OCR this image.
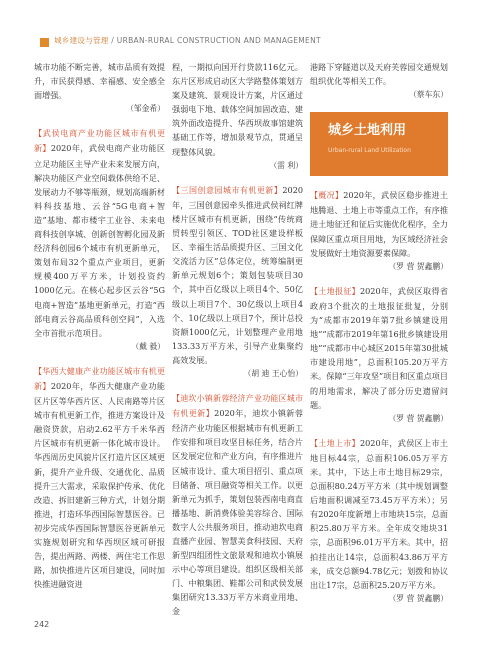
城乡建设与管理 / URBAN-RURAL CONSTRUCTION AND MANAGEMENT

城市功能不断完善，城市品质有效提升，市民获得感、幸福感、安全感全面增强。

（邹金希）

【武侯电商产业功能区城市有机更新】2020年，武侯电商产业功能区立足功能区主导产业未来发展方向，解决功能区产业空间载体供给不足、发展动力不够等瓶颈，规划高端新材料科技基地、云谷“5G电商+智造”基地、都市楼宇工业谷、未来电商科技创享城、创新创智孵化园及新经济科创园6个城市有机更新单元，策划布局32个重点产业项目，更新规模400万平方米，计划投资约1000亿元。在核心起步区云谷“5G电商+智造”基地更新单元，打造“西部电商云谷高品质科创空间”，入选全市首批示范项目。

（戴 毅）

【华西大健康产业功能区城市有机更新】2020年，华西大健康产业功能区片区等华西片区、人民南路等片区城市有机更新工作，推进方案设计及融资贷款，启动2.62平方千米华西片区城市有机更新一体化城市设计。华西周历史风貌片区打造片区区域更新，提升产业升级、交通优化、品质提升三大需求，采取保护传承、优化改造、拆旧建新三种方式，计划分期推进，打造环华西国际智慧医谷。已初步完成华西国际智慧医谷更新单元实施规划研究和华西坝区域可研报告，提出两路、两楼、两住宅工作思路，加快推进片区项目建设，同时加快推进融资进

程，一期拟向国开行贷款116亿元。东片区形成启动区大学路整体策划方案及建筑、景观设计方案，片区通过强弱电下地、载体空间加固改造、建筑外面改造提升、华西坝故事馆建筑基础工作等，增加景观节点，贯通呈现整体风貌。

（雷 利）

【三国创意园城市有机更新】2020年，三国创意园牵头推进武侯祠红牌楼片区城市有机更新，围绕“传统商贸转型引领区、TOD社区建设样板区、幸福生活品质提升区、三国文化交流活力区”总体定位，统筹编制更新单元规划6个；策划包装项目30个，其中百亿级以上项目4个、50亿级以上项目7个、30亿级以上项目4个、10亿级以上项目7个，预计总投资额1000亿元，计划整理产业用地133.33万平方米，引导产业集聚约高效发展。

（胡 迪 王心怡）

【迪坎小镇新蓉经济产业功能区城市有机更新】2020年，迪坎小镇新蓉经济产业功能区根据城市有机更新工作安排和项目攻坚目标任务，结合片区发展定位和产业方向，有序推进片区城市设计、重大项目招引、重点项目储备、项目融资等相关工作。以更新单元为抓手，策划包装西南电商直播基地、新消费体验美容综合、国际数字人公共服务项目，推动迪坎电商直播产业园、智慧美食科技园、天府新型四组团性文旅景观和迪坎小镇展示中心等项目建设。组织区级相关部门、中粮集团、鞋都公司和武侯发展集团研究13.33万平方米商业用地、金

港路下穿隧道以及天府芙蓉园交通规划组织优化等相关工作。

（蔡车东）

城乡土地利用
Urban-rural Land Utilization

【概况】2020年，武侯区稳步推进土地腾退、土地上市等重点工作，有序推进土地征迁和征后实施优化程序，全力保障区重点项目用地，为区域经济社会发展做好土地资源要素保障。

（罗 营 贺鑫鹏）

【土地报征】2020年，武侯区取得省政府3个批次的土地报征批复，分别为“成都市2019年第7批乡镇建设用地”“成都市2019年第16批乡镇建设用地”“成都市中心城区2015年第30批城市建设用地”，总面积105.20万平方米。保障“三年攻坚”项目和区重点项目的用地需求，解决了部分历史遗留问题。

（罗 营 贺鑫鹏）

【土地上市】2020年，武侯区上市土地目标44宗，总面积106.05万平方米。其中，下达上市土地目标29宗，总面积80.24万平方米（其中规划调整后地面积调减至73.45万平方米）；另有2020年度新增上市地块15宗，总面积25.80万平方米。全年成交地块31宗，总面积96.01万平方米。其中，招拍挂出让14宗，总面积43.86万平方米，成交总额94.78亿元；划拨和协议出让17宗，总面积25.20万平方米。

（罗 营 贺鑫鹏）

242
